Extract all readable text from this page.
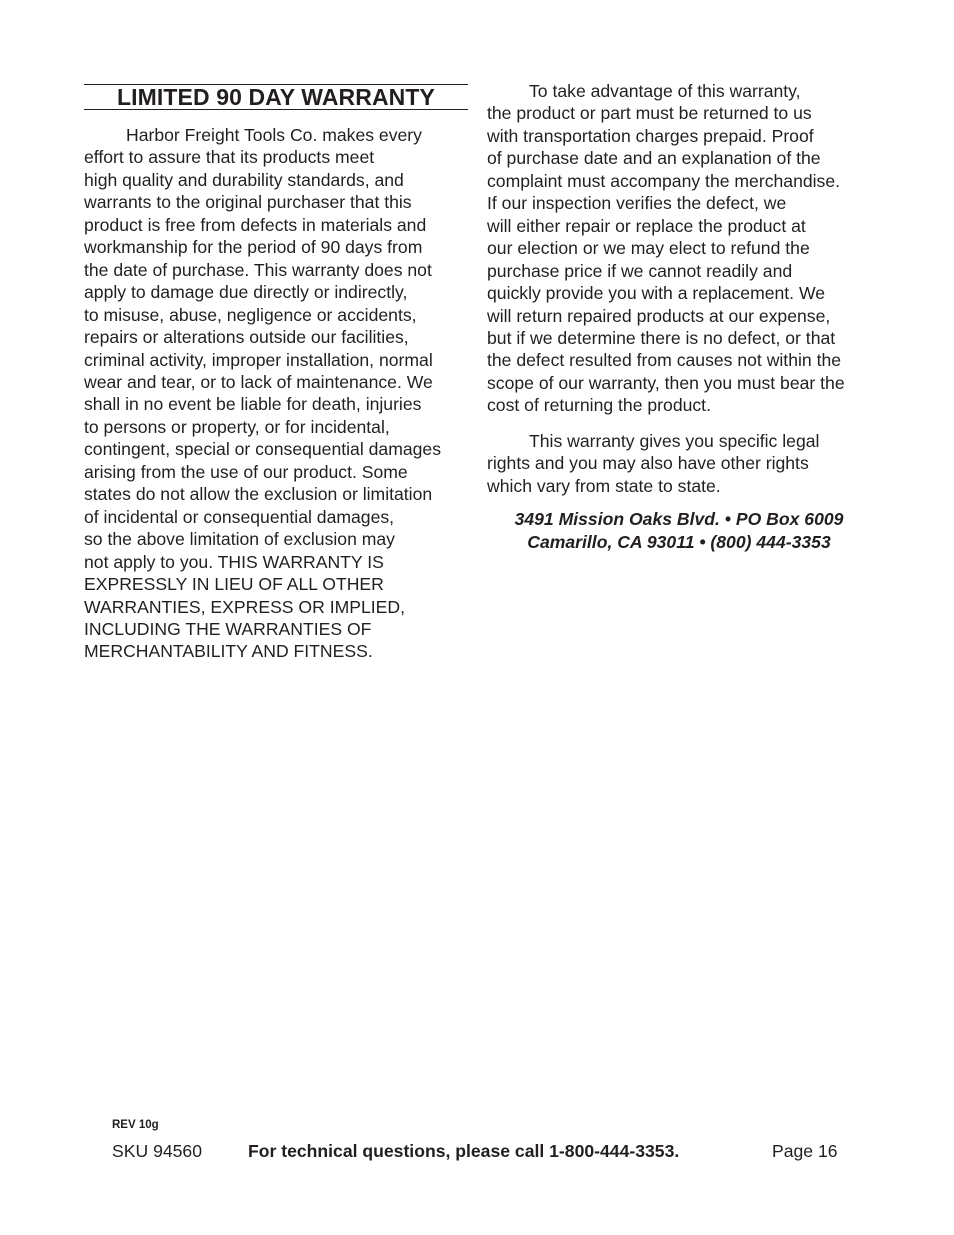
LIMITED 90 DAY WARRANTY
Harbor Freight Tools Co. makes every
effort to assure that its products meet
high quality and durability standards, and
warrants to the original purchaser that this
product is free from defects in materials and
workmanship for the period of 90 days from
the date of purchase. This warranty does not
apply to damage due directly or indirectly,
to misuse, abuse, negligence or accidents,
repairs or alterations outside our facilities,
criminal activity, improper installation, normal
wear and tear, or to lack of maintenance. We
shall in no event be liable for death, injuries
to persons or property, or for incidental,
contingent, special or consequential damages
arising from the use of our product. Some
states do not allow the exclusion or limitation
of incidental or consequential damages,
so the above limitation of exclusion may
not apply to you. THIS WARRANTY IS
EXPRESSLY IN LIEU OF ALL OTHER
WARRANTIES, EXPRESS OR IMPLIED,
INCLUDING THE WARRANTIES OF
MERCHANTABILITY AND FITNESS.
To take advantage of this warranty,
the product or part must be returned to us
with transportation charges prepaid. Proof
of purchase date and an explanation of the
complaint must accompany the merchandise.
If our inspection verifies the defect, we
will either repair or replace the product at
our election or we may elect to refund the
purchase price if we cannot readily and
quickly provide you with a replacement. We
will return repaired products at our expense,
but if we determine there is no defect, or that
the defect resulted from causes not within the
scope of our warranty, then you must bear the
cost of returning the product.
This warranty gives you specific legal
rights and you may also have other rights
which vary from state to state.
3491 Mission Oaks Blvd. • PO Box 6009
Camarillo, CA 93011 • (800) 444-3353
REV 10g
SKU 94560	For technical questions, please call 1-800-444-3353.	Page 16
